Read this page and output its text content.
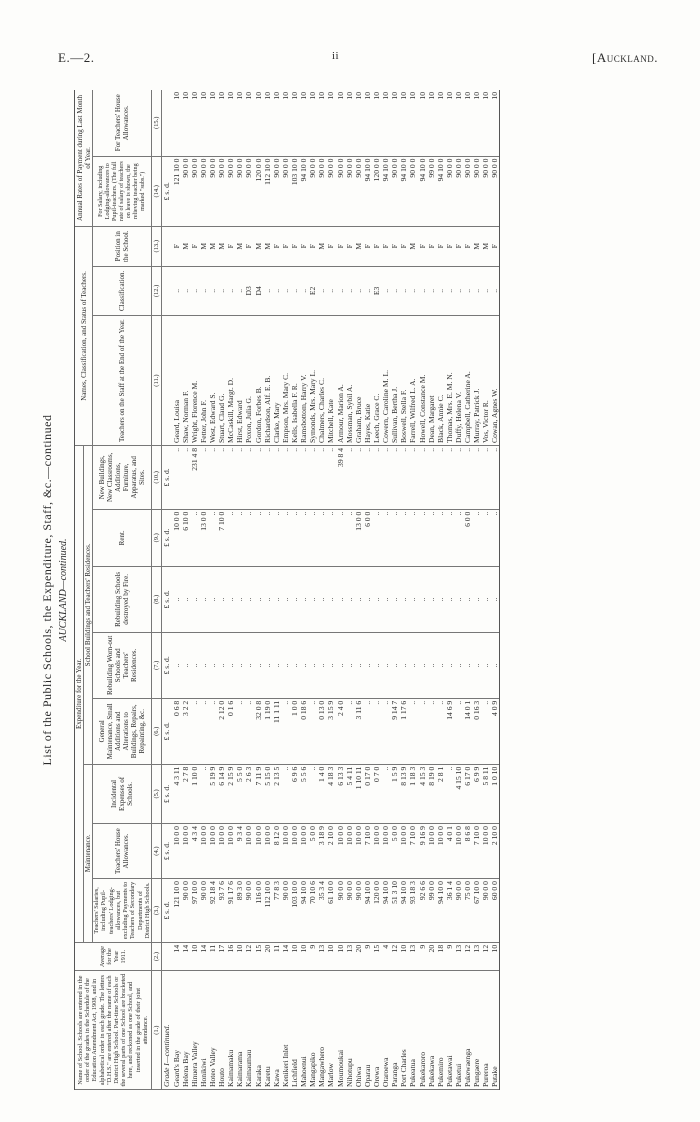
E.—2.	ii	[Auckland.
List of the Public Schools, the Expenditure, Staff, &c.—continued AUCKLAND—continued.
Name of School. Schools are entered in the order of the grades in the Schedule of the Education Amendment Act, 1908, and in alphabetical order in each grade. The letters "D.H.S." are entered after the name of each District High School. Part-time Schools or the several parts of one School are bracketed here, and reckoned as one School, and inserted in the grade of their joint attendance.	Average for the Year 1911.	Expenditure for the Year.								Names, Classification, and Status of Teachers.			Annual Rates of Payment during Last Month of Year.	
		Maintenance.			School Buildings and Teachers' Residences.									
		Teachers' Salaries, including Pupil-teachers' Lodging-allowances, but excluding Payments to Teachers of Secondary Departments of District High Schools.	Teachers' House Allowances.	Incidental Expenses of Schools.	General Maintenance, Small Additions and Alterations to Buildings, Repairs, Repainting, &c.	Rebuilding Worn-out Schools and Teachers' Residences.	Rebuilding Schools destroyed by Fire.	Rent.	New Buildings, New Classrooms, Additions, Furniture, Apparatus, and Sites.	Teachers on the Staff at the End of the Year.	Classification.	Position in the School.	For Salary, including Lodging-allowances to Pupil-teachers. (The full rate of salary of teachers on leave is shown, the relieving teacher being marked "subs.")	For Teachers' House Allowances.
(1.)	(2.)	(3.)	(4.)	(5.)	(6.)	(7.)	(8.)	(9.)	(10.)	(11.)	(12.)	(13.)	(14.)	(15.)
Grade I—continued.		£ s. d.	£ s. d.	£ s. d.	£ s. d.	£ s. d.	£ s. d.	£ s. d.	£ s. d.				£ s. d.	
Geard's Bay	14	121 10 0	10 0 0	4 3 11	0 6 8	..	..	10 0 0	..	Geard, Louisa	..	F	121 10 0	10
Helena Bay	14	90 0 0	10 0 0	2 7 8	3 2 2	..	..	6 10 0	..	Shaw, Norman F.	..	M	90 0 0	10
Hinuera Valley	10	97 10 0	4 3 4	1 10 0	..	..	..	..	231 4 8	Wright, Florence M.	..	F	90 0 0	10
Honikiwi	14	90 0 0	10 0 0	..	..	..	..	13 0 0	..	Fetter, John F.	..	M	90 0 0	10
Hoteo Valley	11	92 18 4	10 0 0	5 19 9	..	..	..	..	..	West, Edward S.	..	M	90 0 0	10
Houto	17	93 7 6	10 0 0	6 14 9	2 12 0	..	..	7 10 0	..	Stuart, Claud G.	..	M	90 0 0	10
Kaimamaku	16	91 17 6	10 0 0	2 15 9	0 1 6	..	..	..	..	McCaskill, Margt. D.	..	F	90 0 0	10
Kaimarama	10	89 3 0	9 3 4	5 5 0	..	..	..	..	..	Hirst, Edward	..	M	90 0 0	10
Kaimaumau	12	90 0 0	10 0 0	2 6 3	..	..	..	..	..	Poxon, Julia G.	D3	F	90 0 0	10
Karaka	15	116 0 0	10 0 0	7 11 9	32 0 8	..	..	..	..	Gordon, Forbes B.	D4	M	120 0 0	10
Karetu	20	112 10 0	10 0 0	5 15 0	1 19 0	..	..	..	..	Richardson, Alf. E. B.	..	M	112 10 0	10
Kawa	11	77 8 3	8 12 0	2 13 5	11 1 11	..	..	..	..	Clarke, Mary	..	F	90 0 0	10
Kenikeri Inlet	14	90 0 0	10 0 0	..	..	..	..	..	..	Empson, Mrs. Mary C.	..	F	90 0 0	10
Lichfield	10	103 10 0	10 0 0	6 9 6	1 0 0	..	..	..	..	Kells, Isabella F. R.	..	F	103 10 0	10
Mahoenui	10	94 10 0	10 0 0	5 5 6	0 18 6	..	..	..	..	Ramsbottom, Harry V.	..	F	94 10 0	10
Mangapiko	9	70 10 6	5 0 0	..	..	..	..	..	..	Symonds, Mrs. Mary L.	E2	F	90 0 0	10
Mangawhero	13	35 3 4	3 18 9	1 4 0	0 13 0	..	..	..	..	Chalmers, Charles C.	..	M	90 0 0	10
Marlow	10	61 10 0	2 10 0	4 18 3	3 15 9	..	..	..	..	Mitchell, Kate	..	F	90 0 0	10
Moumoukai	10	90 0 0	10 0 0	6 13 3	2 4 0	..	..	..	39 8 4	Armour, Marion A.	..	F	90 0 0	10
Nihotupu	13	90 0 0	10 0 0	5 4 11	..	..	..	..	..	Mossman, Sybil A.	..	F	90 0 0	10
Ohiwa	20	90 0 0	10 0 0	1 10 11	3 11 6	..	..	13 0 0	..	Graham, Bruce	..	M	90 0 0	10
Oparau	9	94 10 0	7 10 0	0 17 0	..	..	..	6 0 0	..	Hayes, Katie	..	F	94 10 0	10
Orewa	15	120 0 0	10 0 0	0 7 0	..	..	..	..	..	Leech, Grace C.	E3	F	120 0 0	10
Otaroewa	4	94 10 0	10 0 0	..	..	..	..	..	..	Cowern, Caroline M. L.	..	F	94 10 0	10
Paranga	12	51 3 10	5 0 0	1 5 9	9 14 7	..	..	..	..	Sullivan, Bertha J.	..	F	90 0 0	10
Port Charles	10	94 10 0	10 0 0	8 13 9	1 17 6	..	..	..	..	Boswell, Stella F.	..	F	94 10 0	10
Pukeatua	13	93 18 3	7 10 0	1 18 3	..	..	..	..	..	Farrell, Wilfred L. A.	..	M	90 0 0	10
Pukekaroro	9	92 6 6	9 16 9	4 15 3	..	..	..	..	..	Howell, Constance M.	..	F	94 10 0	10
Pukekawa	20	99 0 0	10 0 0	8 19 0	..	..	..	..	..	Dean, Margaret	..	F	99 0 0	10
Pukemiro	18	94 10 0	10 0 0	2 8 1	..	..	..	..	..	Black, Annie C.	..	F	94 10 0	10
Puketawai	9	36 1 4	4 0 1	..	14 6 9	..	..	..	..	Thomas, Mrs. E. M. N.	..	F	90 0 0	10
Puketui	13	90 0 0	10 0 0	4 15 10	..	..	..	..	..	Duffy, Helena V.	..	F	90 0 0	10
Pukewaenga	12	75 0 0	8 6 8	6 17 0	14 0 1	..	..	6 0 0	..	Campbell, Catherine A.	..	F	90 0 0	10
Pungaere	13	67 10 0	7 10 0	6 9 9	0 16 3	..	..	..	..	Murray, Patrick J.	..	M	90 0 0	10
Pureroa	12	90 0 0	10 0 0	5 8 11	..	..	..	..	..	Vos, Victor R.	..	M	90 0 0	10
Putake	10	60 0 0	2 10 0	1 0 10	4 0 9	..	..	..	..	Cowan, Agnes W.	..	F	90 0 0	10
